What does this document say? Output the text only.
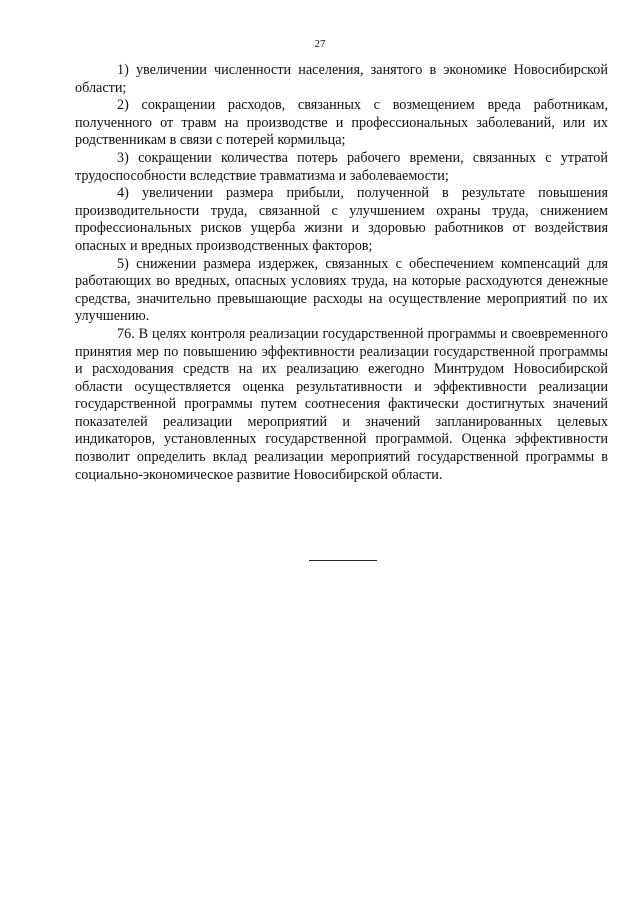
27

1) увеличении численности населения, занятого в экономике Новосибирской области;

2) сокращении расходов, связанных с возмещением вреда работникам, полученного от травм на производстве и профессиональных заболеваний, или их родственникам в связи с потерей кормильца;

3) сокращении количества потерь рабочего времени, связанных с утратой трудоспособности вследствие травматизма и заболеваемости;

4) увеличении размера прибыли, полученной в результате повышения производительности труда, связанной с улучшением охраны труда, снижением профессиональных рисков ущерба жизни и здоровью работников от воздействия опасных и вредных производственных факторов;

5) снижении размера издержек, связанных с обеспечением компенсаций для работающих во вредных, опасных условиях труда, на которые расходуются денежные средства, значительно превышающие расходы на осуществление мероприятий по их улучшению.

76. В целях контроля реализации государственной программы и своевременного принятия мер по повышению эффективности реализации государственной программы и расходования средств на их реализацию ежегодно Минтрудом Новосибирской области осуществляется оценка результативности и эффективности реализации государственной программы путем соотнесения фактически достигнутых значений показателей реализации мероприятий и значений запланированных целевых индикаторов, установленных государственной программой. Оценка эффективности позволит определить вклад реализации мероприятий государственной программы в социально-экономическое развитие Новосибирской области.
